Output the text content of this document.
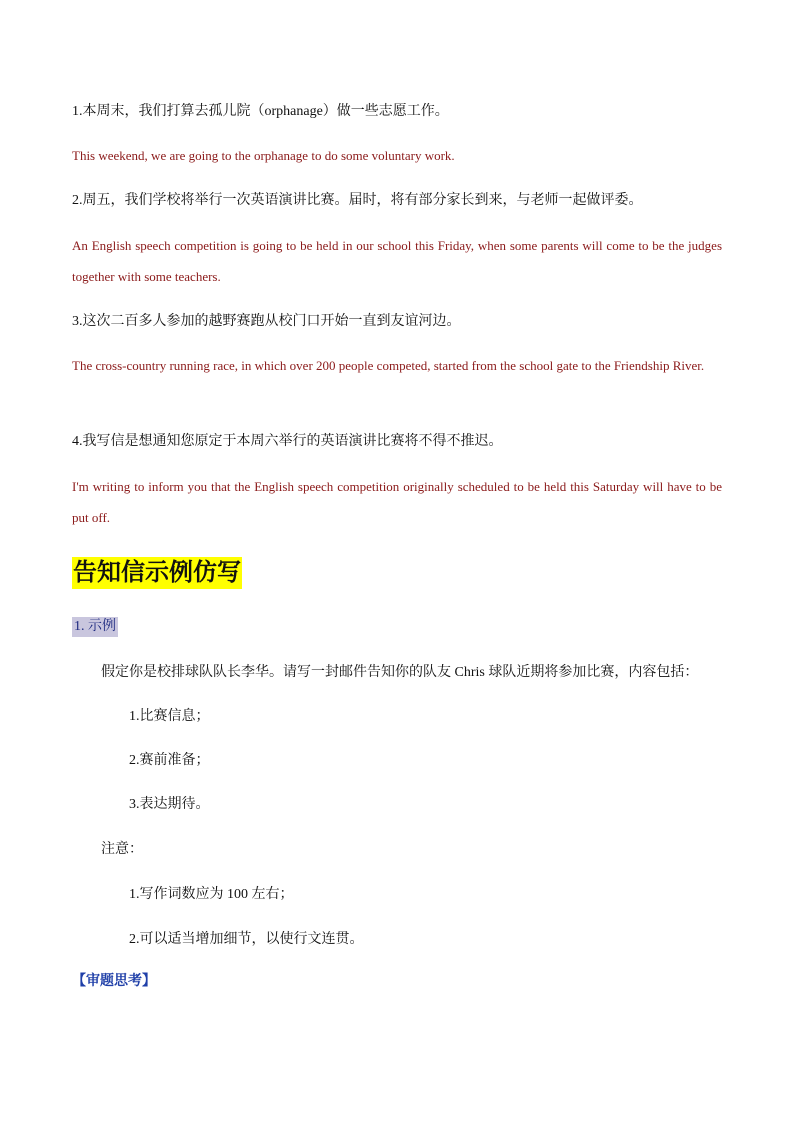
1.本周末，我们打算去孤儿院（orphanage）做一些志愿工作。
This weekend, we are going to the orphanage to do some voluntary work.
2.周五，我们学校将举行一次英语演讲比赛。届时，将有部分家长到来，与老师一起做评委。
An English speech competition is going to be held in our school this Friday, when some parents will come to be the judges together with some teachers.
3.这次二百多人参加的越野赛跑从校门口开始一直到友谊河边。
The cross-country running race, in which over 200 people competed, started from the school gate to the Friendship River.
4.我写信是想通知您原定于本周六举行的英语演讲比赛将不得不推迟。
I'm writing to inform you that the English speech competition originally scheduled to be held this Saturday will have to be put off.
告知信示例仿写
1. 示例
假定你是校排球队队长李华。请写一封邮件告知你的队友 Chris 球队近期将参加比赛，内容包括：
1.比赛信息；
2.赛前准备；
3.表达期待。
注意：
1.写作词数应为 100 左右；
2.可以适当增加细节，以使行文连贯。
【审题思考】
